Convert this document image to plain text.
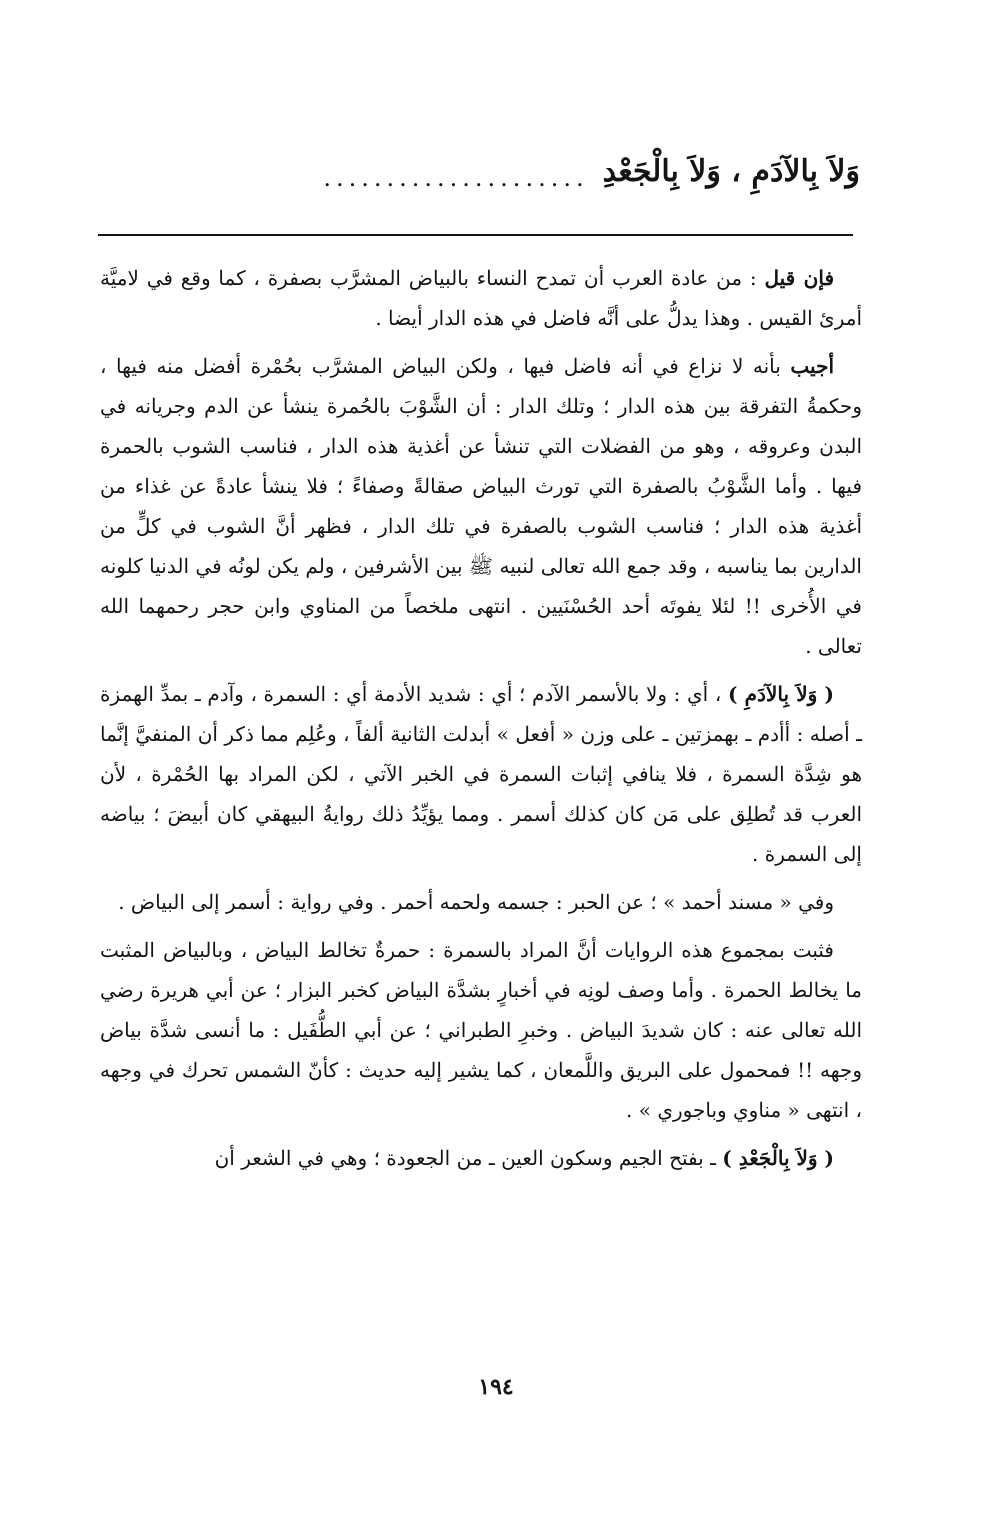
وَلاَ بِالآدَمِ ، وَلاَ بِالْجَعْدِ
.....................

فإن قيل : من عادة العرب أن تمدح النساء بالبياض المشرَّب بصفرة ، كما وقع في لاميَّة أمرئ القيس . وهذا يدلُّ على أنَّه فاضل في هذه الدار أيضا .

أجيب بأنه لا نزاع في أنه فاضل فيها ، ولكن البياض المشرَّب بحُمْرة أفضل منه فيها ، وحكمةُ التفرقة بين هذه الدار ؛ وتلك الدار : أن الشَّوْبَ بالحُمرة ينشأ عن الدم وجريانه في البدن وعروقه ، وهو من الفضلات التي تنشأ عن أغذية هذه الدار ، فناسب الشوب بالحمرة فيها . وأما الشَّوْبُ بالصفرة التي تورث البياض صقالةً وصفاءً ؛ فلا ينشأ عادةً عن غذاء من أغذية هذه الدار ؛ فناسب الشوب بالصفرة في تلك الدار ، فظهر أنَّ الشوب في كلٍّ من الدارين بما يناسبه ، وقد جمع الله تعالى لنبيه ﷺ بين الأشرفين ، ولم يكن لونُه في الدنيا كلونه في الأُخرى !! لئلا يفوتَه أحد الحُسْنَيين . انتهى ملخصاً من المناوي وابن حجر رحمهما الله تعالى .

( وَلاَ بِالآدَمِ ) ، أي : ولا بالأسمر الآدم ؛ أي : شديد الأدمة أي : السمرة ، وآدم ـ بمدِّ الهمزة ـ أصله : أأدم ـ بهمزتين ـ على وزن « أفعل » أبدلت الثانية ألفاً ، وعُلِم مما ذكر أن المنفيَّ إنَّما هو شِدَّة السمرة ، فلا ينافي إثبات السمرة في الخبر الآتي ، لكن المراد بها الحُمْرة ، لأن العرب قد تُطلِق على مَن كان كذلك أسمر . ومما يؤيِّدُ ذلك روايةُ البيهقي كان أبيضَ ؛ بياضه إلى السمرة .

وفي « مسند أحمد » ؛ عن الحبر : جسمه ولحمه أحمر . وفي رواية : أسمر إلى البياض .

فثبت بمجموع هذه الروايات أنَّ المراد بالسمرة : حمرةٌ تخالط البياض ، وبالبياض المثبت ما يخالط الحمرة . وأما وصف لونِه في أخبارٍ بشدَّة البياض كخبر البزار ؛ عن أبي هريرة رضي الله تعالى عنه : كان شديدَ البياض . وخبرِ الطبراني ؛ عن أبي الطُّفَيل : ما أنسى شدَّة بياض وجهه !! فمحمول على البريق واللَّمعان ، كما يشير إليه حديث : كأنّ الشمس تحرك في وجهه ، انتهى « مناوي وباجوري » .

( وَلاَ بِالْجَعْدِ ) ـ بفتح الجيم وسكون العين ـ من الجعودة ؛ وهي في الشعر أن

١٩٤
